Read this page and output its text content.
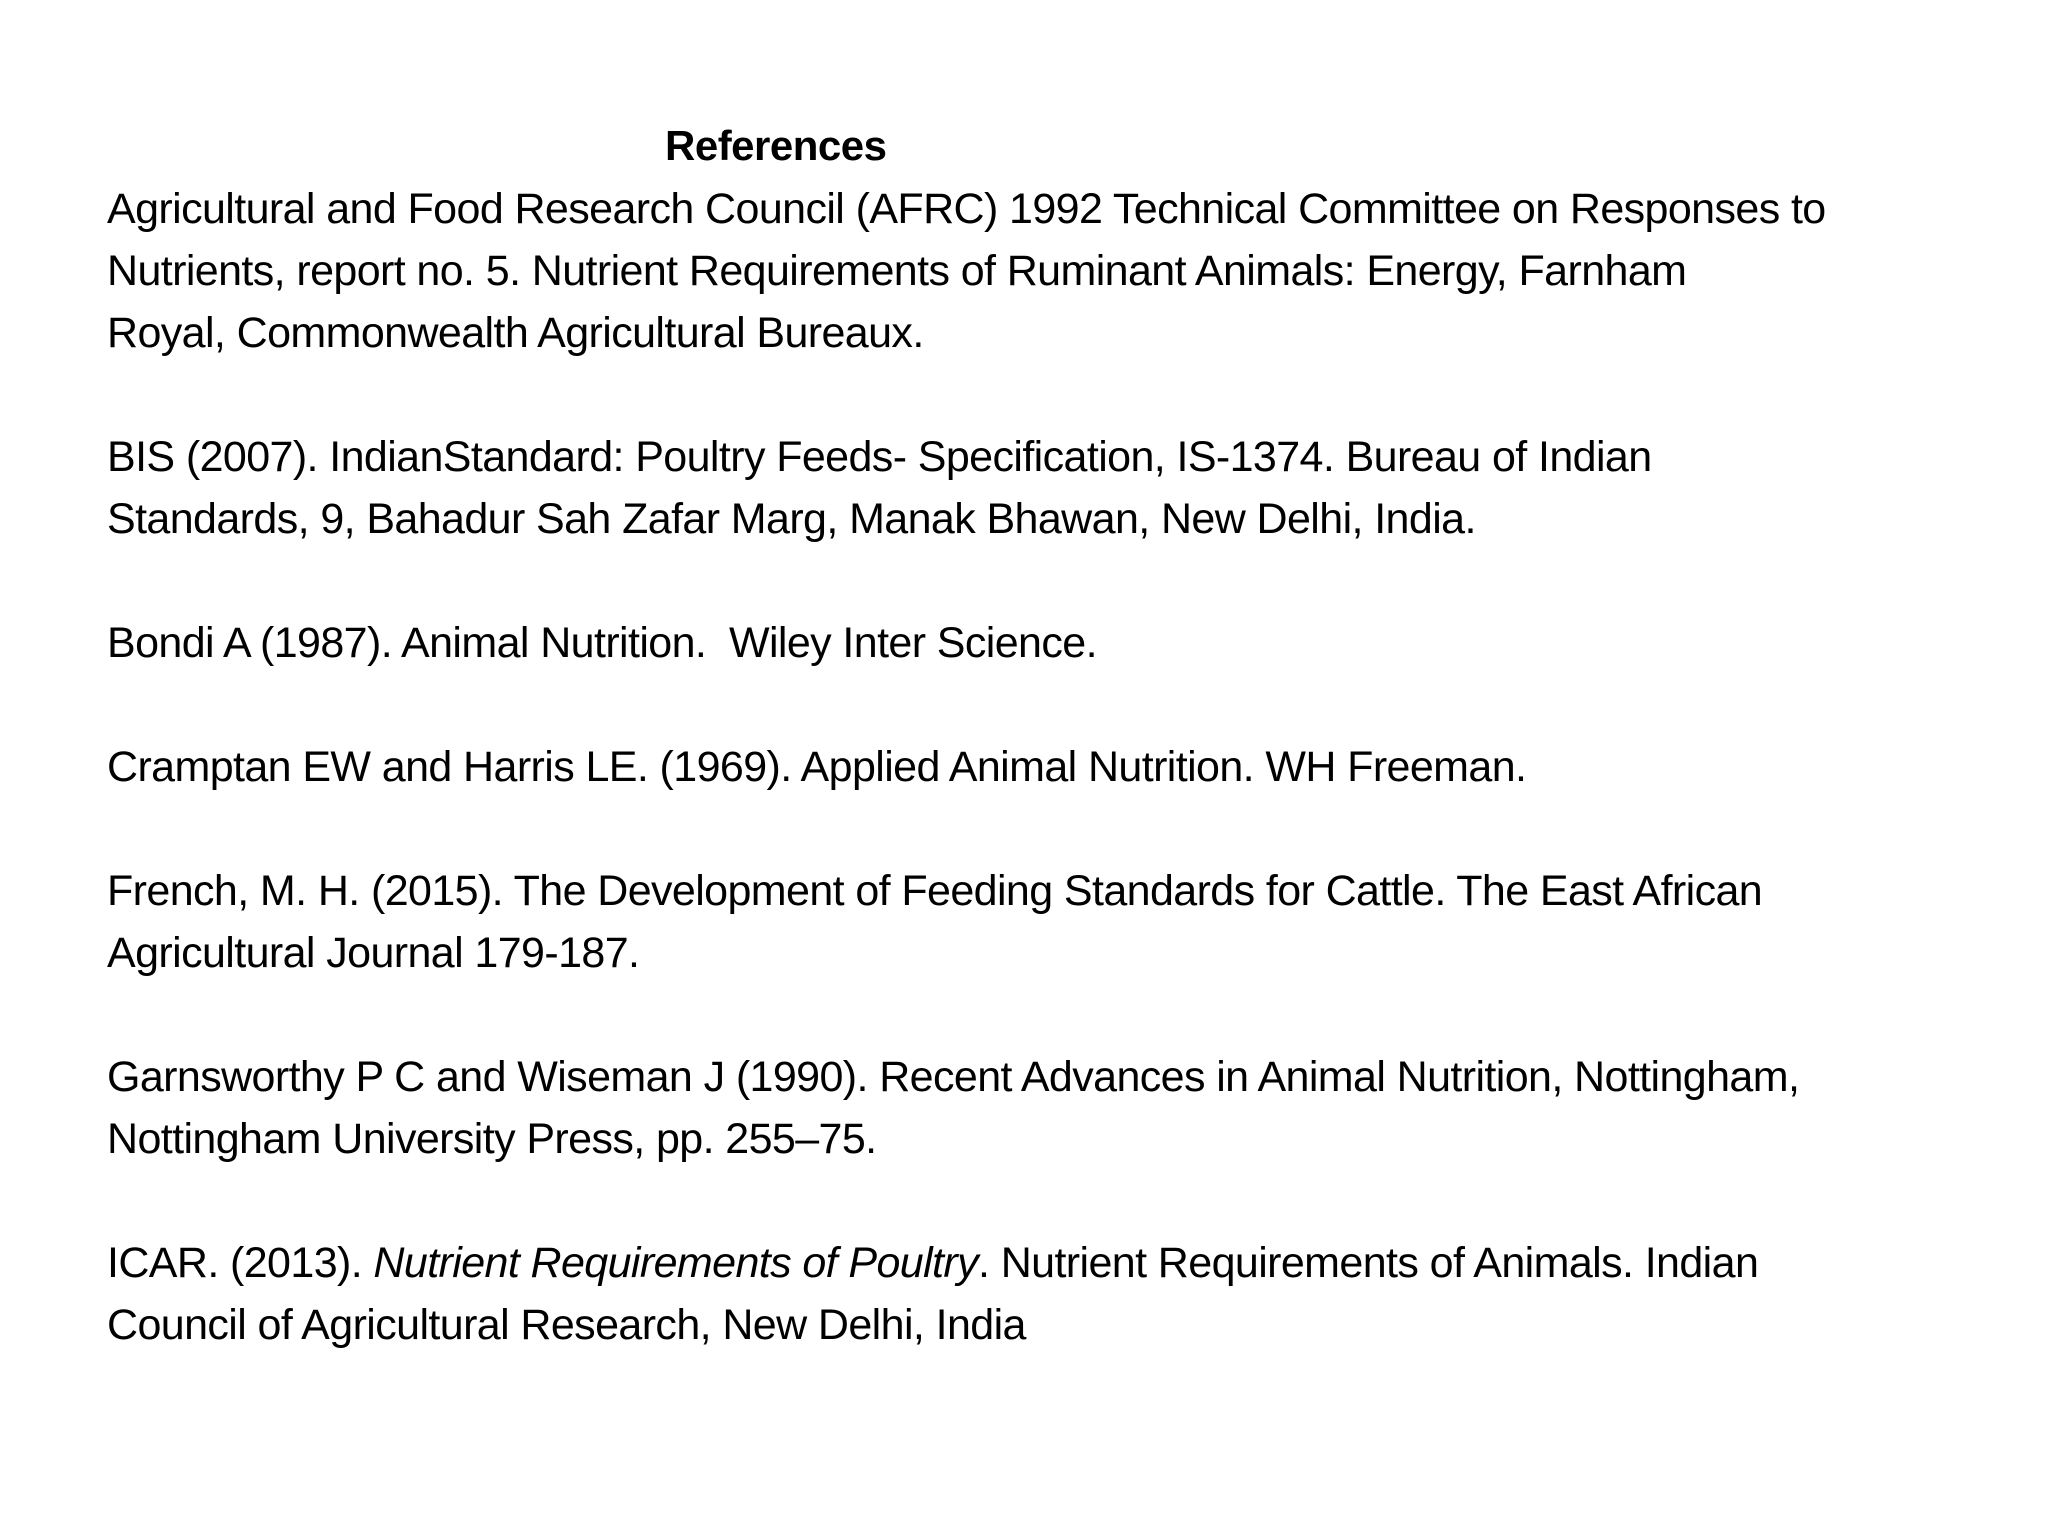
References

Agricultural and Food Research Council (AFRC) 1992 Technical Committee on Responses to
Nutrients, report no. 5. Nutrient Requirements of Ruminant Animals: Energy, Farnham
Royal, Commonwealth Agricultural Bureaux.

BIS (2007). IndianStandard: Poultry Feeds- Specification, IS-1374. Bureau of Indian
Standards, 9, Bahadur Sah Zafar Marg, Manak Bhawan, New Delhi, India.

Bondi A (1987). Animal Nutrition.  Wiley Inter Science.

Cramptan EW and Harris LE. (1969). Applied Animal Nutrition. WH Freeman.

French, M. H. (2015). The Development of Feeding Standards for Cattle. The East African
Agricultural Journal 179-187.

Garnsworthy P C and Wiseman J (1990). Recent Advances in Animal Nutrition, Nottingham,
Nottingham University Press, pp. 255–75.

ICAR. (2013). Nutrient Requirements of Poultry. Nutrient Requirements of Animals. Indian
Council of Agricultural Research, New Delhi, India
